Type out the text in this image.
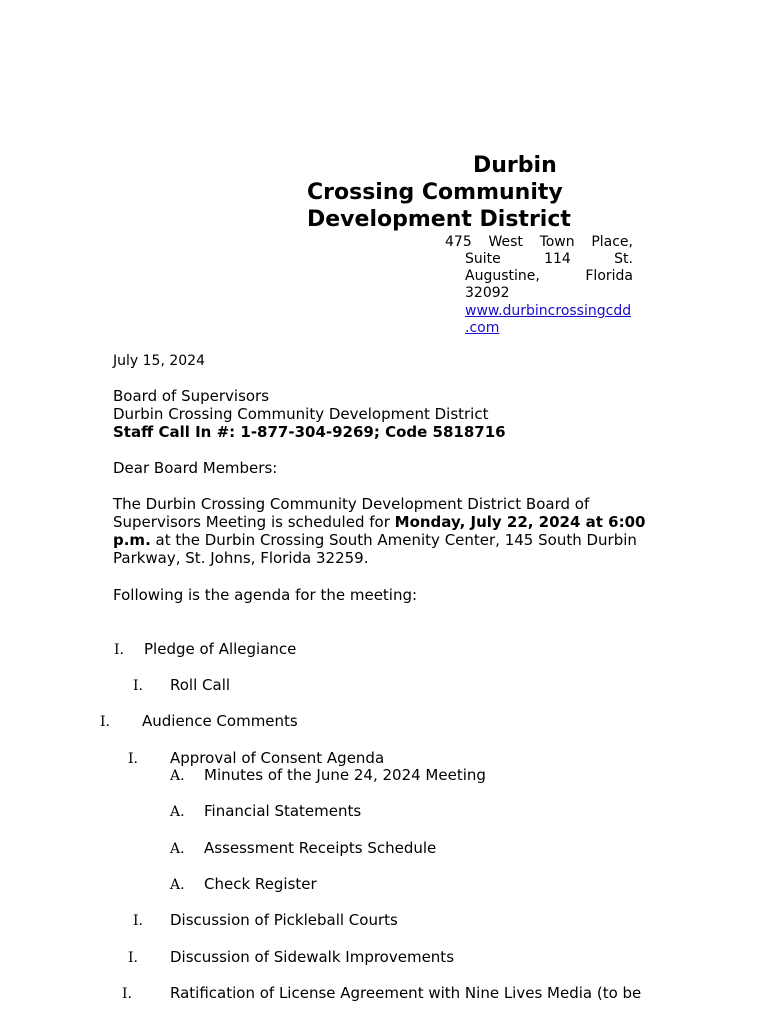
Durbin
Crossing Community
Development District
475 West Town Place,
Suite	114	St.
Augustine,	Florida
32092
www.durbincrossingcdd
.com
July 15, 2024
Board of Supervisors
Durbin Crossing Community Development District
Staff Call In #: 1-877-304-9269; Code 5818716
Dear Board Members:
The Durbin Crossing Community Development District Board of
Supervisors Meeting is scheduled for Monday, July 22, 2024 at 6:00
p.m. at the Durbin Crossing South Amenity Center, 145 South Durbin
Parkway, St. Johns, Florida 32259.
Following is the agenda for the meeting:
I. Pledge of Allegiance
I. Roll Call
I. Audience Comments
I. Approval of Consent Agenda
A. Minutes of the June 24, 2024 Meeting
A. Financial Statements
A. Assessment Receipts Schedule
A. Check Register
I. Discussion of Pickleball Courts
I. Discussion of Sidewalk Improvements
I.	Ratification of License Agreement with Nine Lives Media (to be
